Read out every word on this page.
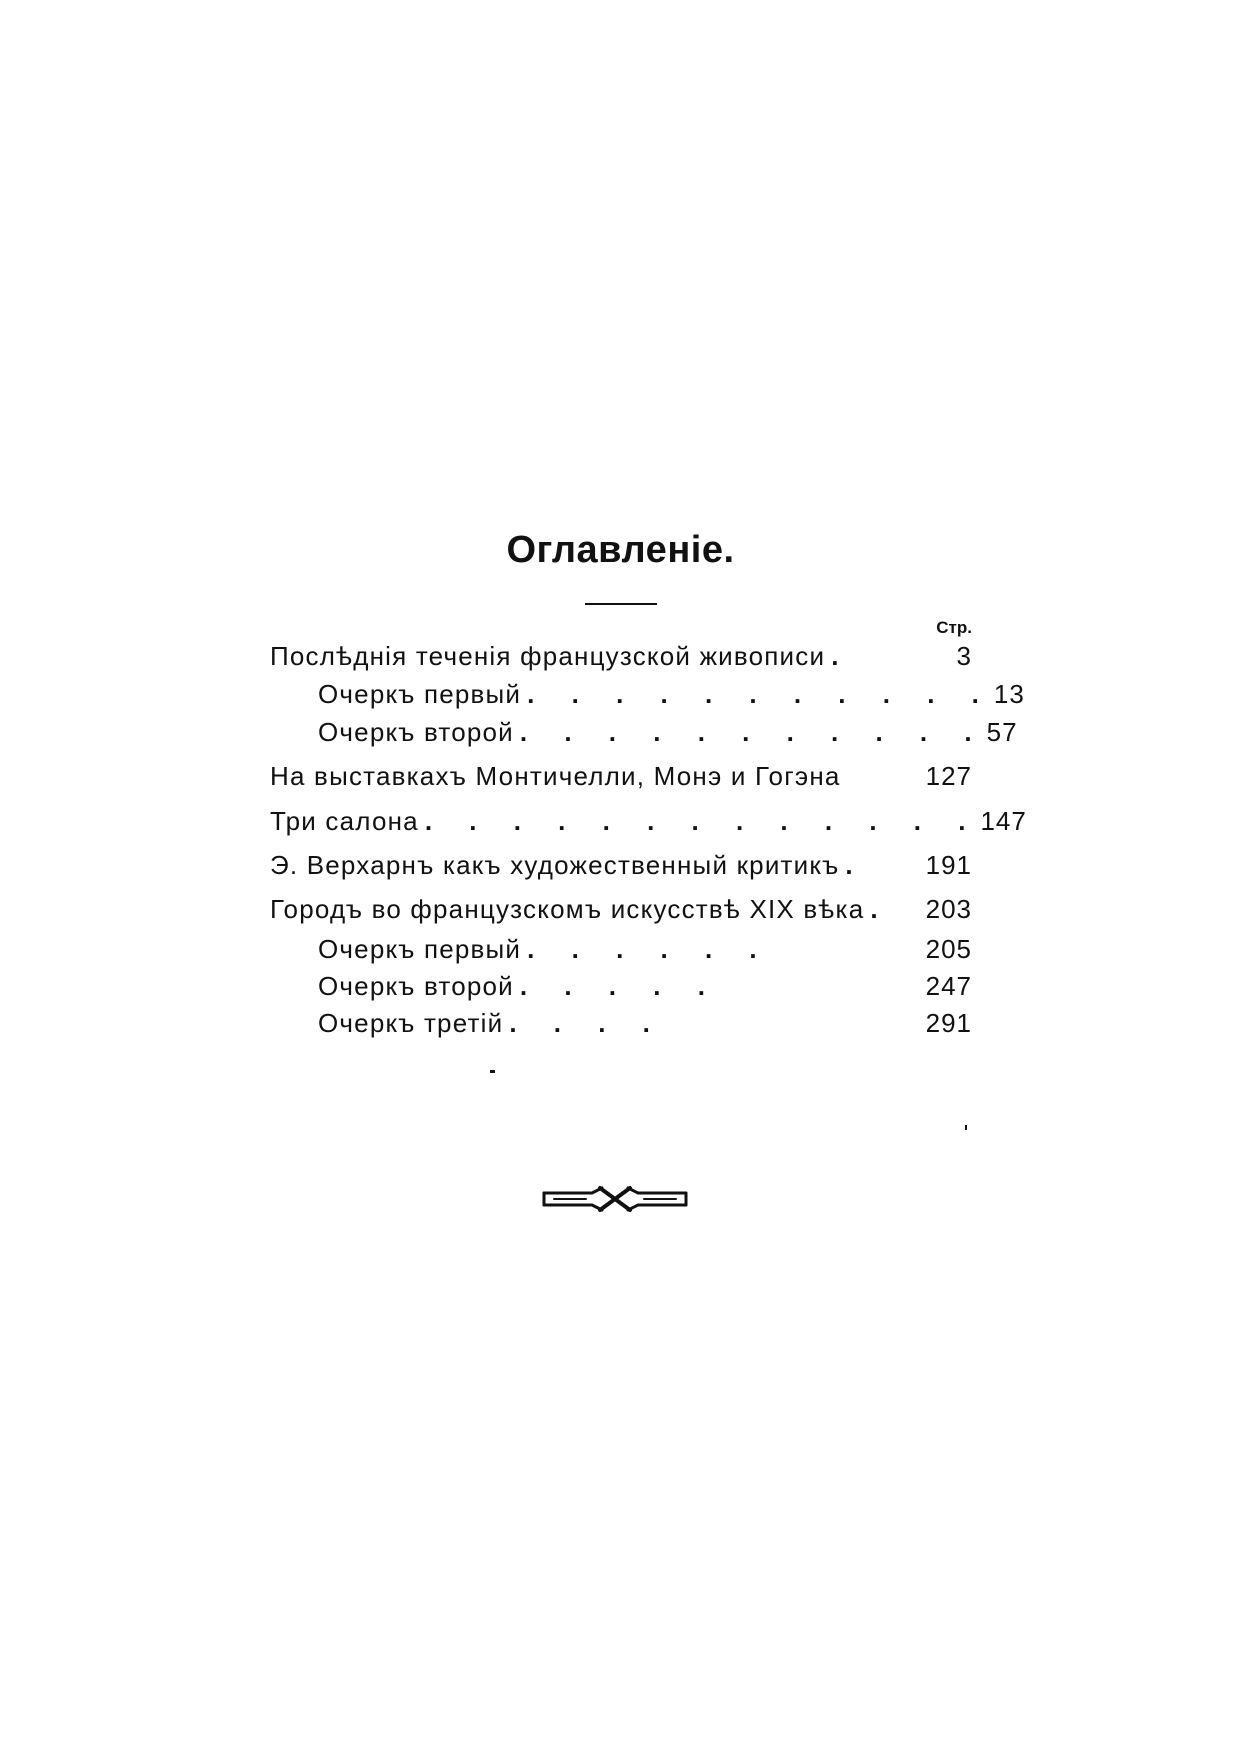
Оглавленіе.
Стр.
Послѣднія теченія французской живописи .	3
Очеркъ первый . . . . . . . . . . . 13
Очеркъ второй . . . . . . . . . . . 57
На выставкахъ Монтичелли, Монэ и Гогэна	127
Три салона . . . . . . . . . . . . . 147
Э. Верхарнъ какъ художественный критикъ .	191
Городъ во французскомъ искусствѣ XIX вѣка .	203
Очеркъ первый . . . . . .	205
Очеркъ второй . . . . .	247
Очеркъ третій . . . .	291
